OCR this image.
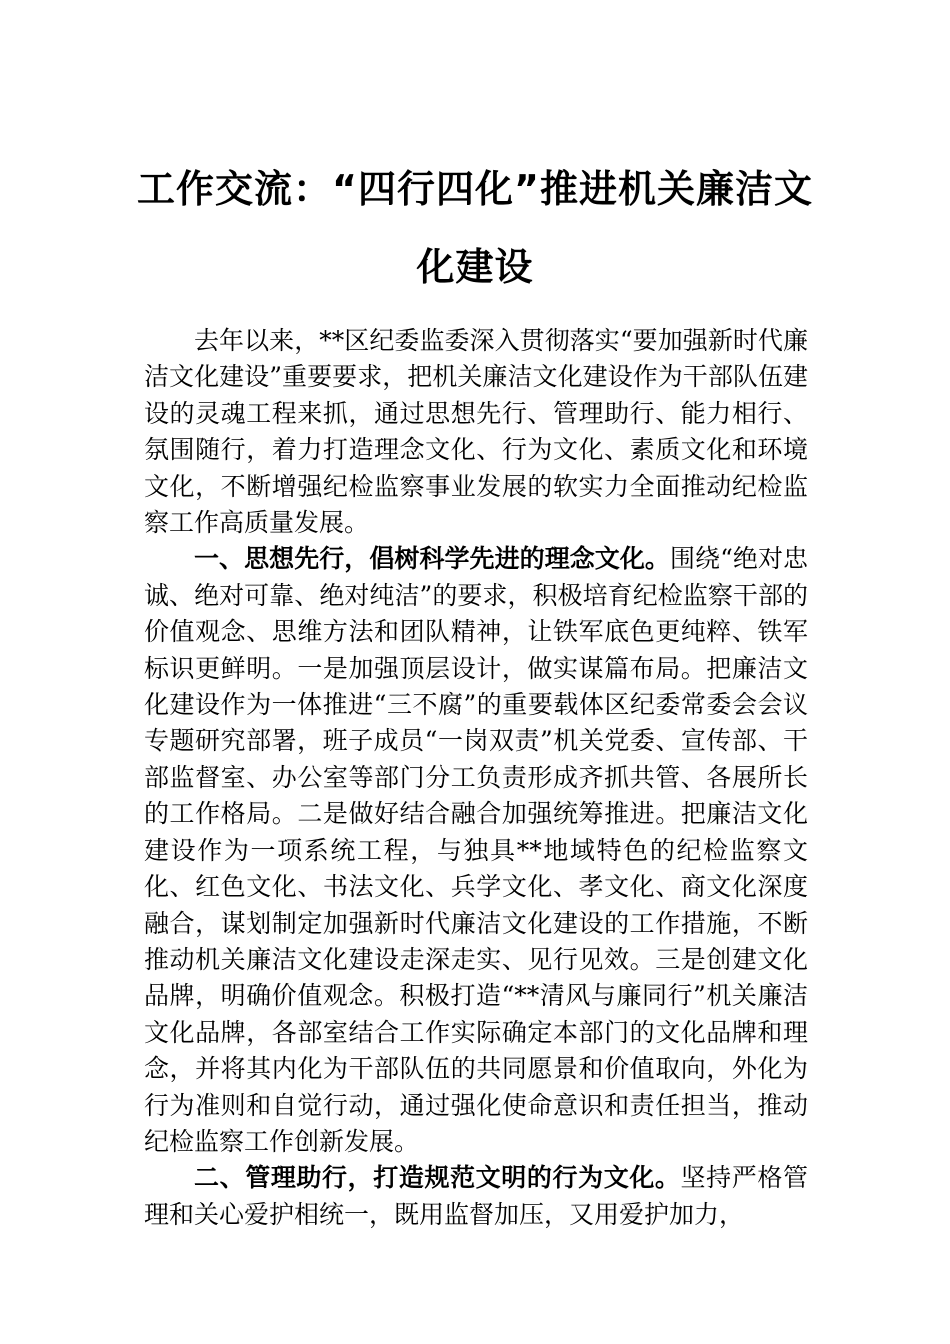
工作交流：“四行四化”推进机关廉洁文
化建设

去年以来，**区纪委监委深入贯彻落实“要加强新时代廉洁文化建设”重要要求，把机关廉洁文化建设作为干部队伍建设的灵魂工程来抓，通过思想先行、管理助行、能力相行、氛围随行，着力打造理念文化、行为文化、素质文化和环境文化，不断增强纪检监察事业发展的软实力全面推动纪检监察工作高质量发展。

一、思想先行，倡树科学先进的理念文化。围绕“绝对忠诚、绝对可靠、绝对纯洁”的要求，积极培育纪检监察干部的价值观念、思维方法和团队精神，让铁军底色更纯粹、铁军标识更鲜明。一是加强顶层设计，做实谋篇布局。把廉洁文化建设作为一体推进“三不腐”的重要载体区纪委常委会会议专题研究部署，班子成员“一岗双责”机关党委、宣传部、干部监督室、办公室等部门分工负责形成齐抓共管、各展所长的工作格局。二是做好结合融合加强统筹推进。把廉洁文化建设作为一项系统工程，与独具**地域特色的纪检监察文化、红色文化、书法文化、兵学文化、孝文化、商文化深度融合，谋划制定加强新时代廉洁文化建设的工作措施，不断推动机关廉洁文化建设走深走实、见行见效。三是创建文化品牌，明确价值观念。积极打造“**清风与廉同行”机关廉洁文化品牌，各部室结合工作实际确定本部门的文化品牌和理念，并将其内化为干部队伍的共同愿景和价值取向，外化为行为准则和自觉行动，通过强化使命意识和责任担当，推动纪检监察工作创新发展。

二、管理助行，打造规范文明的行为文化。坚持严格管理和关心爱护相统一，既用监督加压，又用爱护加力，
